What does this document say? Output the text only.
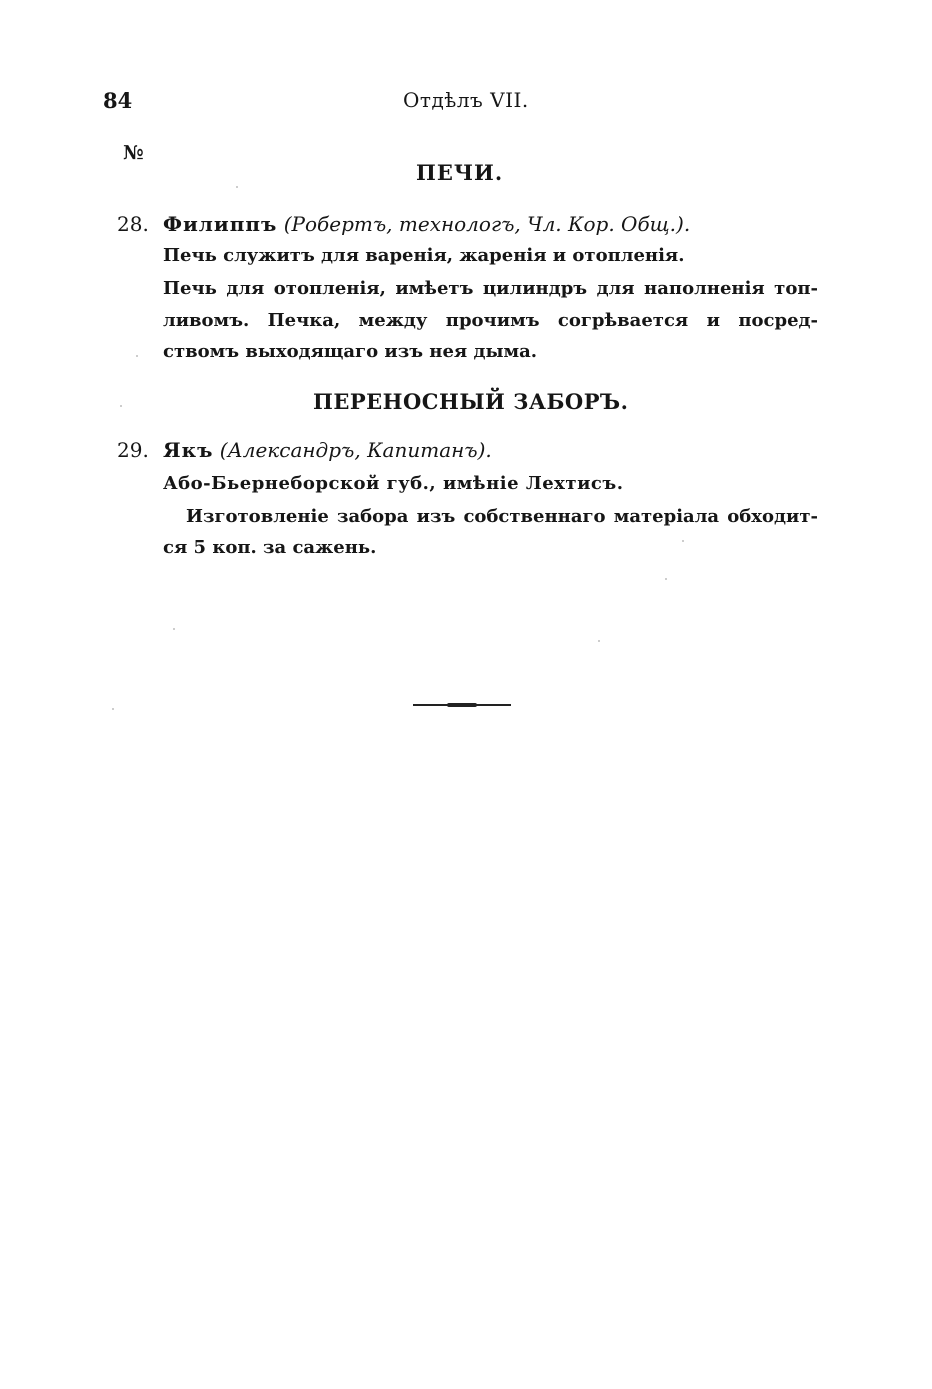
84	Отдѣлъ VII.
№
ПЕЧИ.
28. Филиппъ (Робертъ, технологъ, Чл. Кор. Общ.).
Печь служитъ для варенія, жаренія и отопленія.
Печь для отопленія, имѣетъ цилиндръ для наполненія топ-
ливомъ. Печка, между прочимъ согрѣвается и посред-
ствомъ выходящаго изъ нея дыма.
ПЕРЕНОСНЫЙ ЗАБОРЪ.
29. Якъ (Александръ, Капитанъ).
Або-Бьернеборской губ., имѣніе Лехтисъ.
Изготовленіе забора изъ собственнаго матеріала обходит-
ся 5 коп. за сажень.
